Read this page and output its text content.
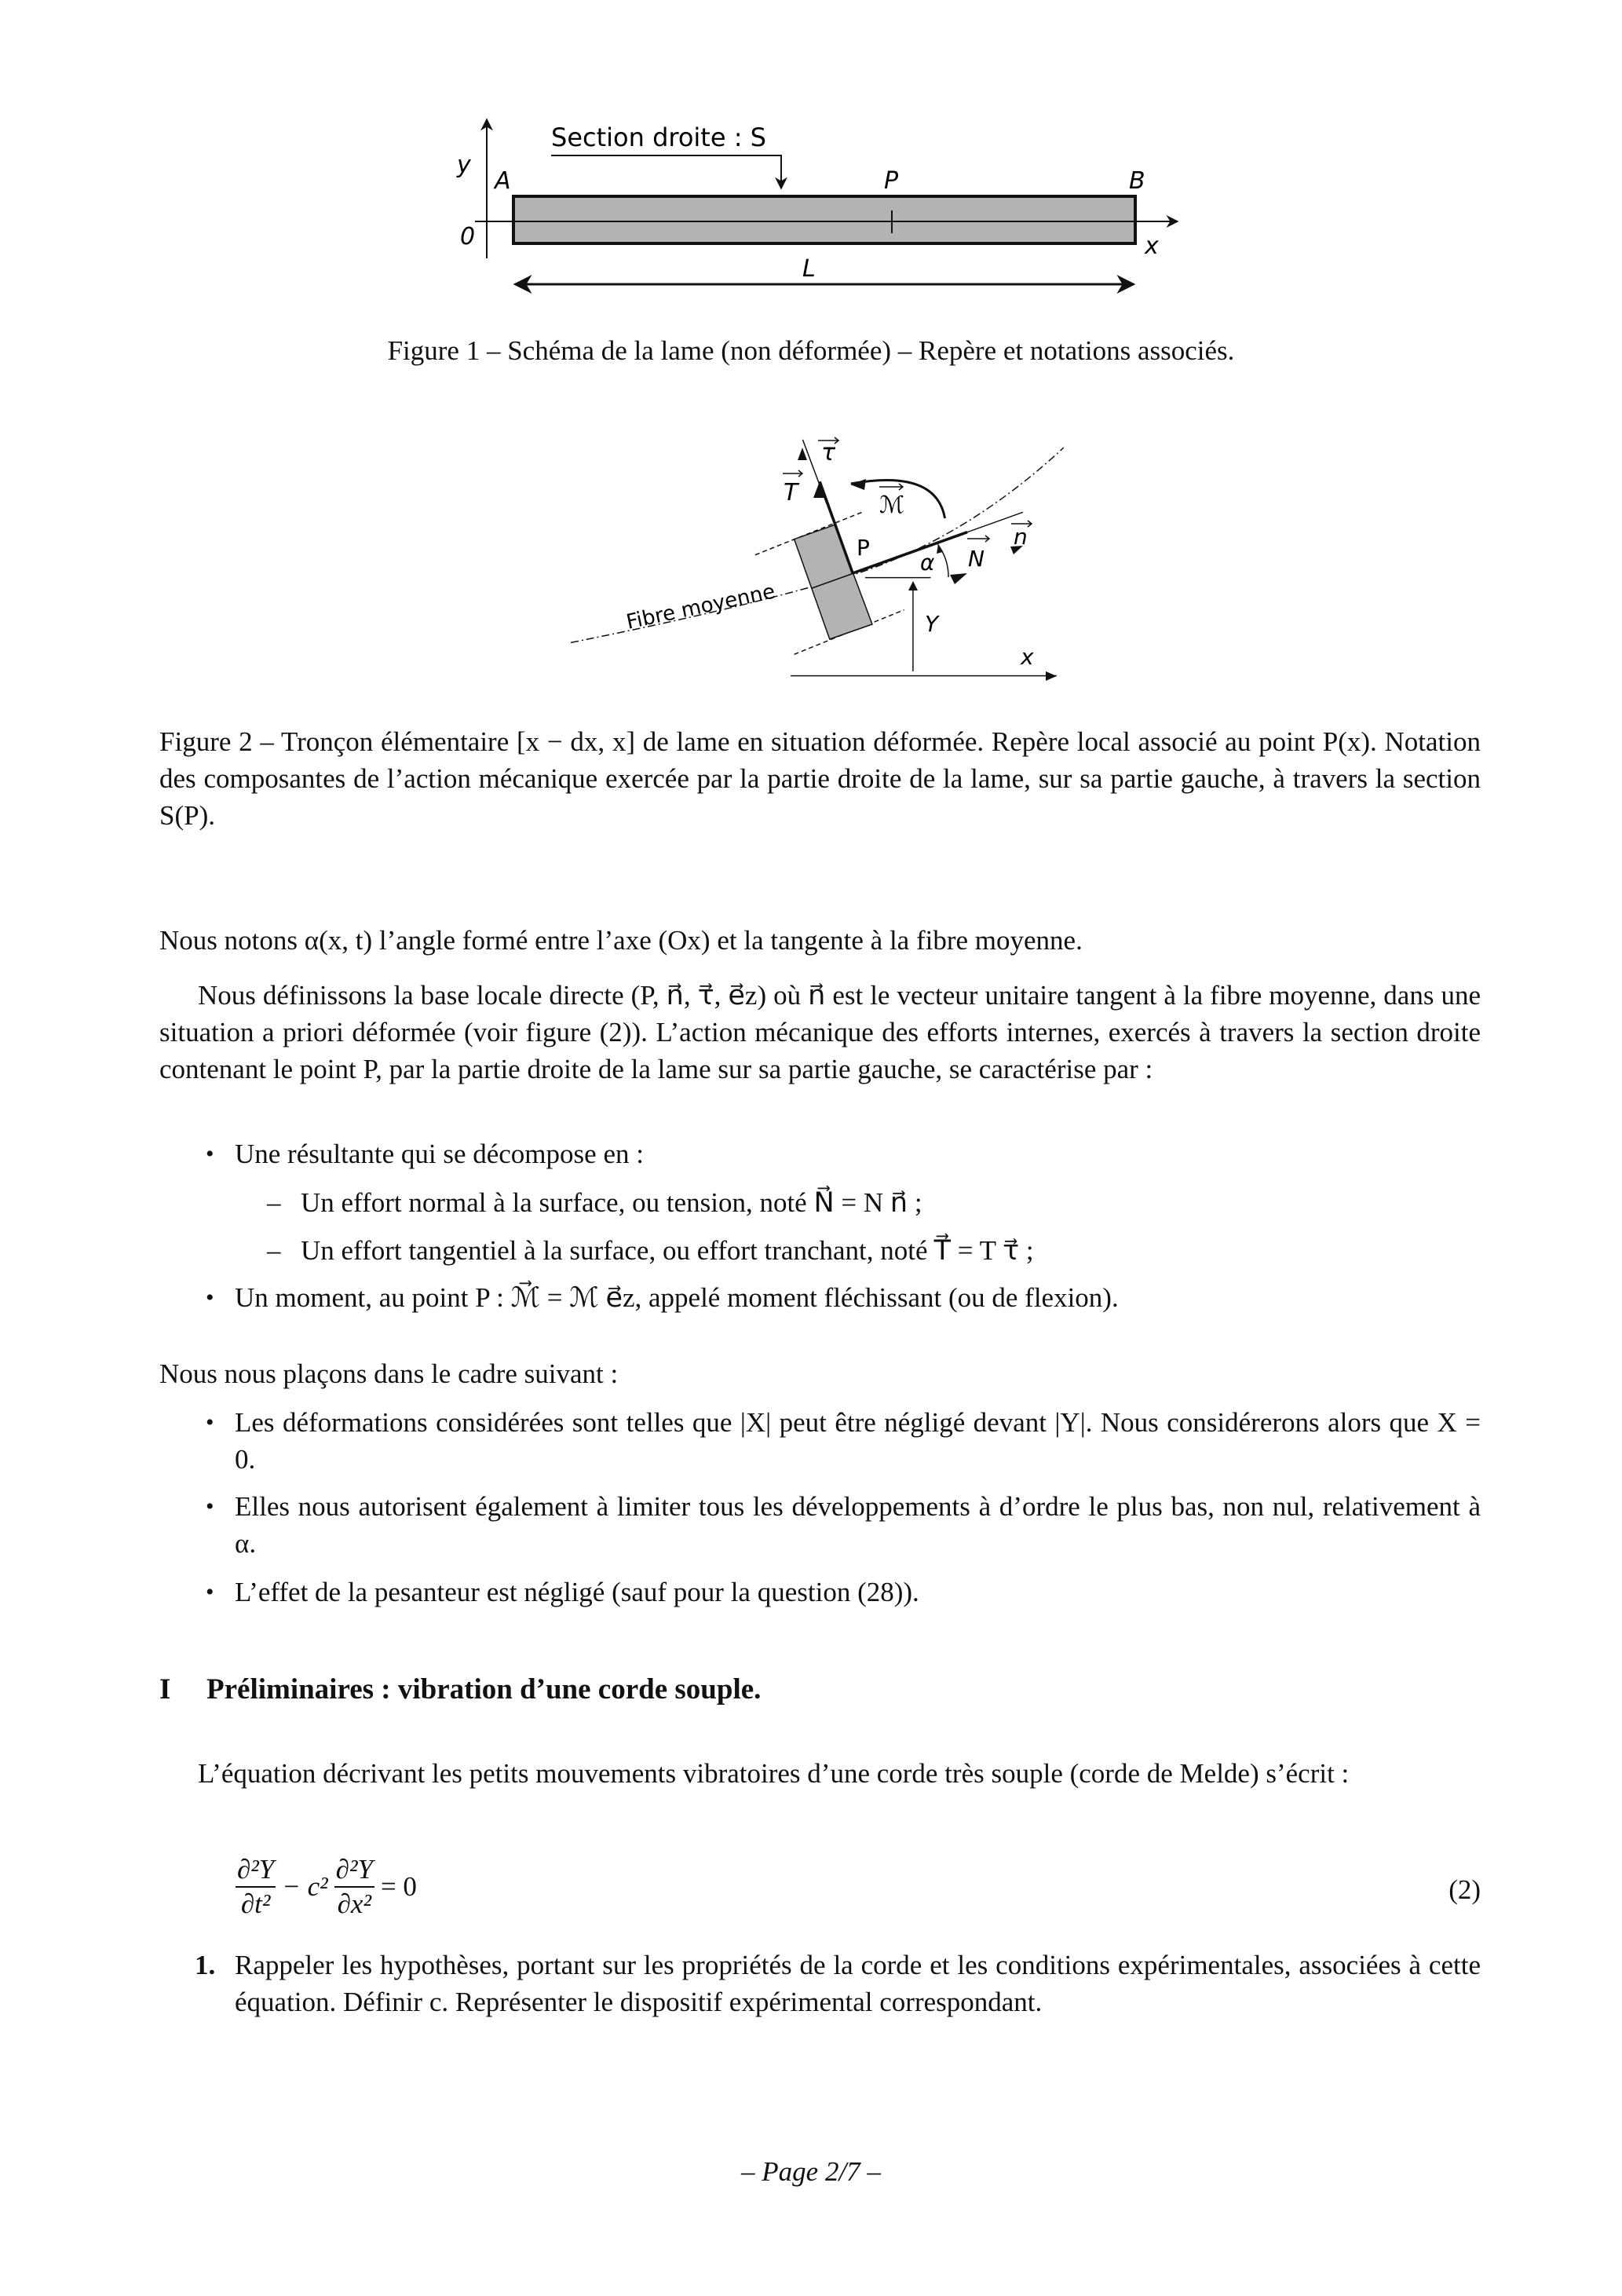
Section droite : S
y
0
A	P	B
x
L
Figure 1 – Schéma de la lame (non déformée) – Repère et notations associés.
τ
T	ℳ
P
α N
n
Y
x
Fibre moyenne
Figure 2 – Tronçon élémentaire [x − dx, x] de lame en situation déformée. Repère local associé au point P(x). Notation des composantes de l’action mécanique exercée par la partie droite de la lame, sur sa partie gauche, à travers la section S(P).
Nous notons α(x, t) l’angle formé entre l’axe (Ox) et la tangente à la fibre moyenne.
Nous définissons la base locale directe (P, n⃗, τ⃗, e⃗z) où n⃗ est le vecteur unitaire tangent à la fibre moyenne, dans une situation a priori déformée (voir figure (2)). L’action mécanique des efforts internes, exercés à travers la section droite contenant le point P, par la partie droite de la lame sur sa partie gauche, se caractérise par :
• Une résultante qui se décompose en :
– Un effort normal à la surface, ou tension, noté N⃗ = N n⃗ ;
– Un effort tangentiel à la surface, ou effort tranchant, noté T⃗ = T τ⃗ ;
• Un moment, au point P : ℳ⃗ = ℳ e⃗z, appelé moment fléchissant (ou de flexion).
Nous nous plaçons dans le cadre suivant :
• Les déformations considérées sont telles que |X| peut être négligé devant |Y|. Nous considérerons alors que X = 0.
• Elles nous autorisent également à limiter tous les développements à d’ordre le plus bas, non nul, relativement à α.
• L’effet de la pesanteur est négligé (sauf pour la question (28)).
I Préliminaires : vibration d’une corde souple.
L’équation décrivant les petits mouvements vibratoires d’une corde très souple (corde de Melde) s’écrit :
$\frac{\text{∂²Y}}{\text{∂t²}} - c^2 \frac{\text{∂²Y}}{\text{∂x²}} = 0$	(2)
1. Rappeler les hypothèses, portant sur les propriétés de la corde et les conditions expérimentales, associées à cette équation. Définir c. Représenter le dispositif expérimental correspondant.
– Page 2/7 –
